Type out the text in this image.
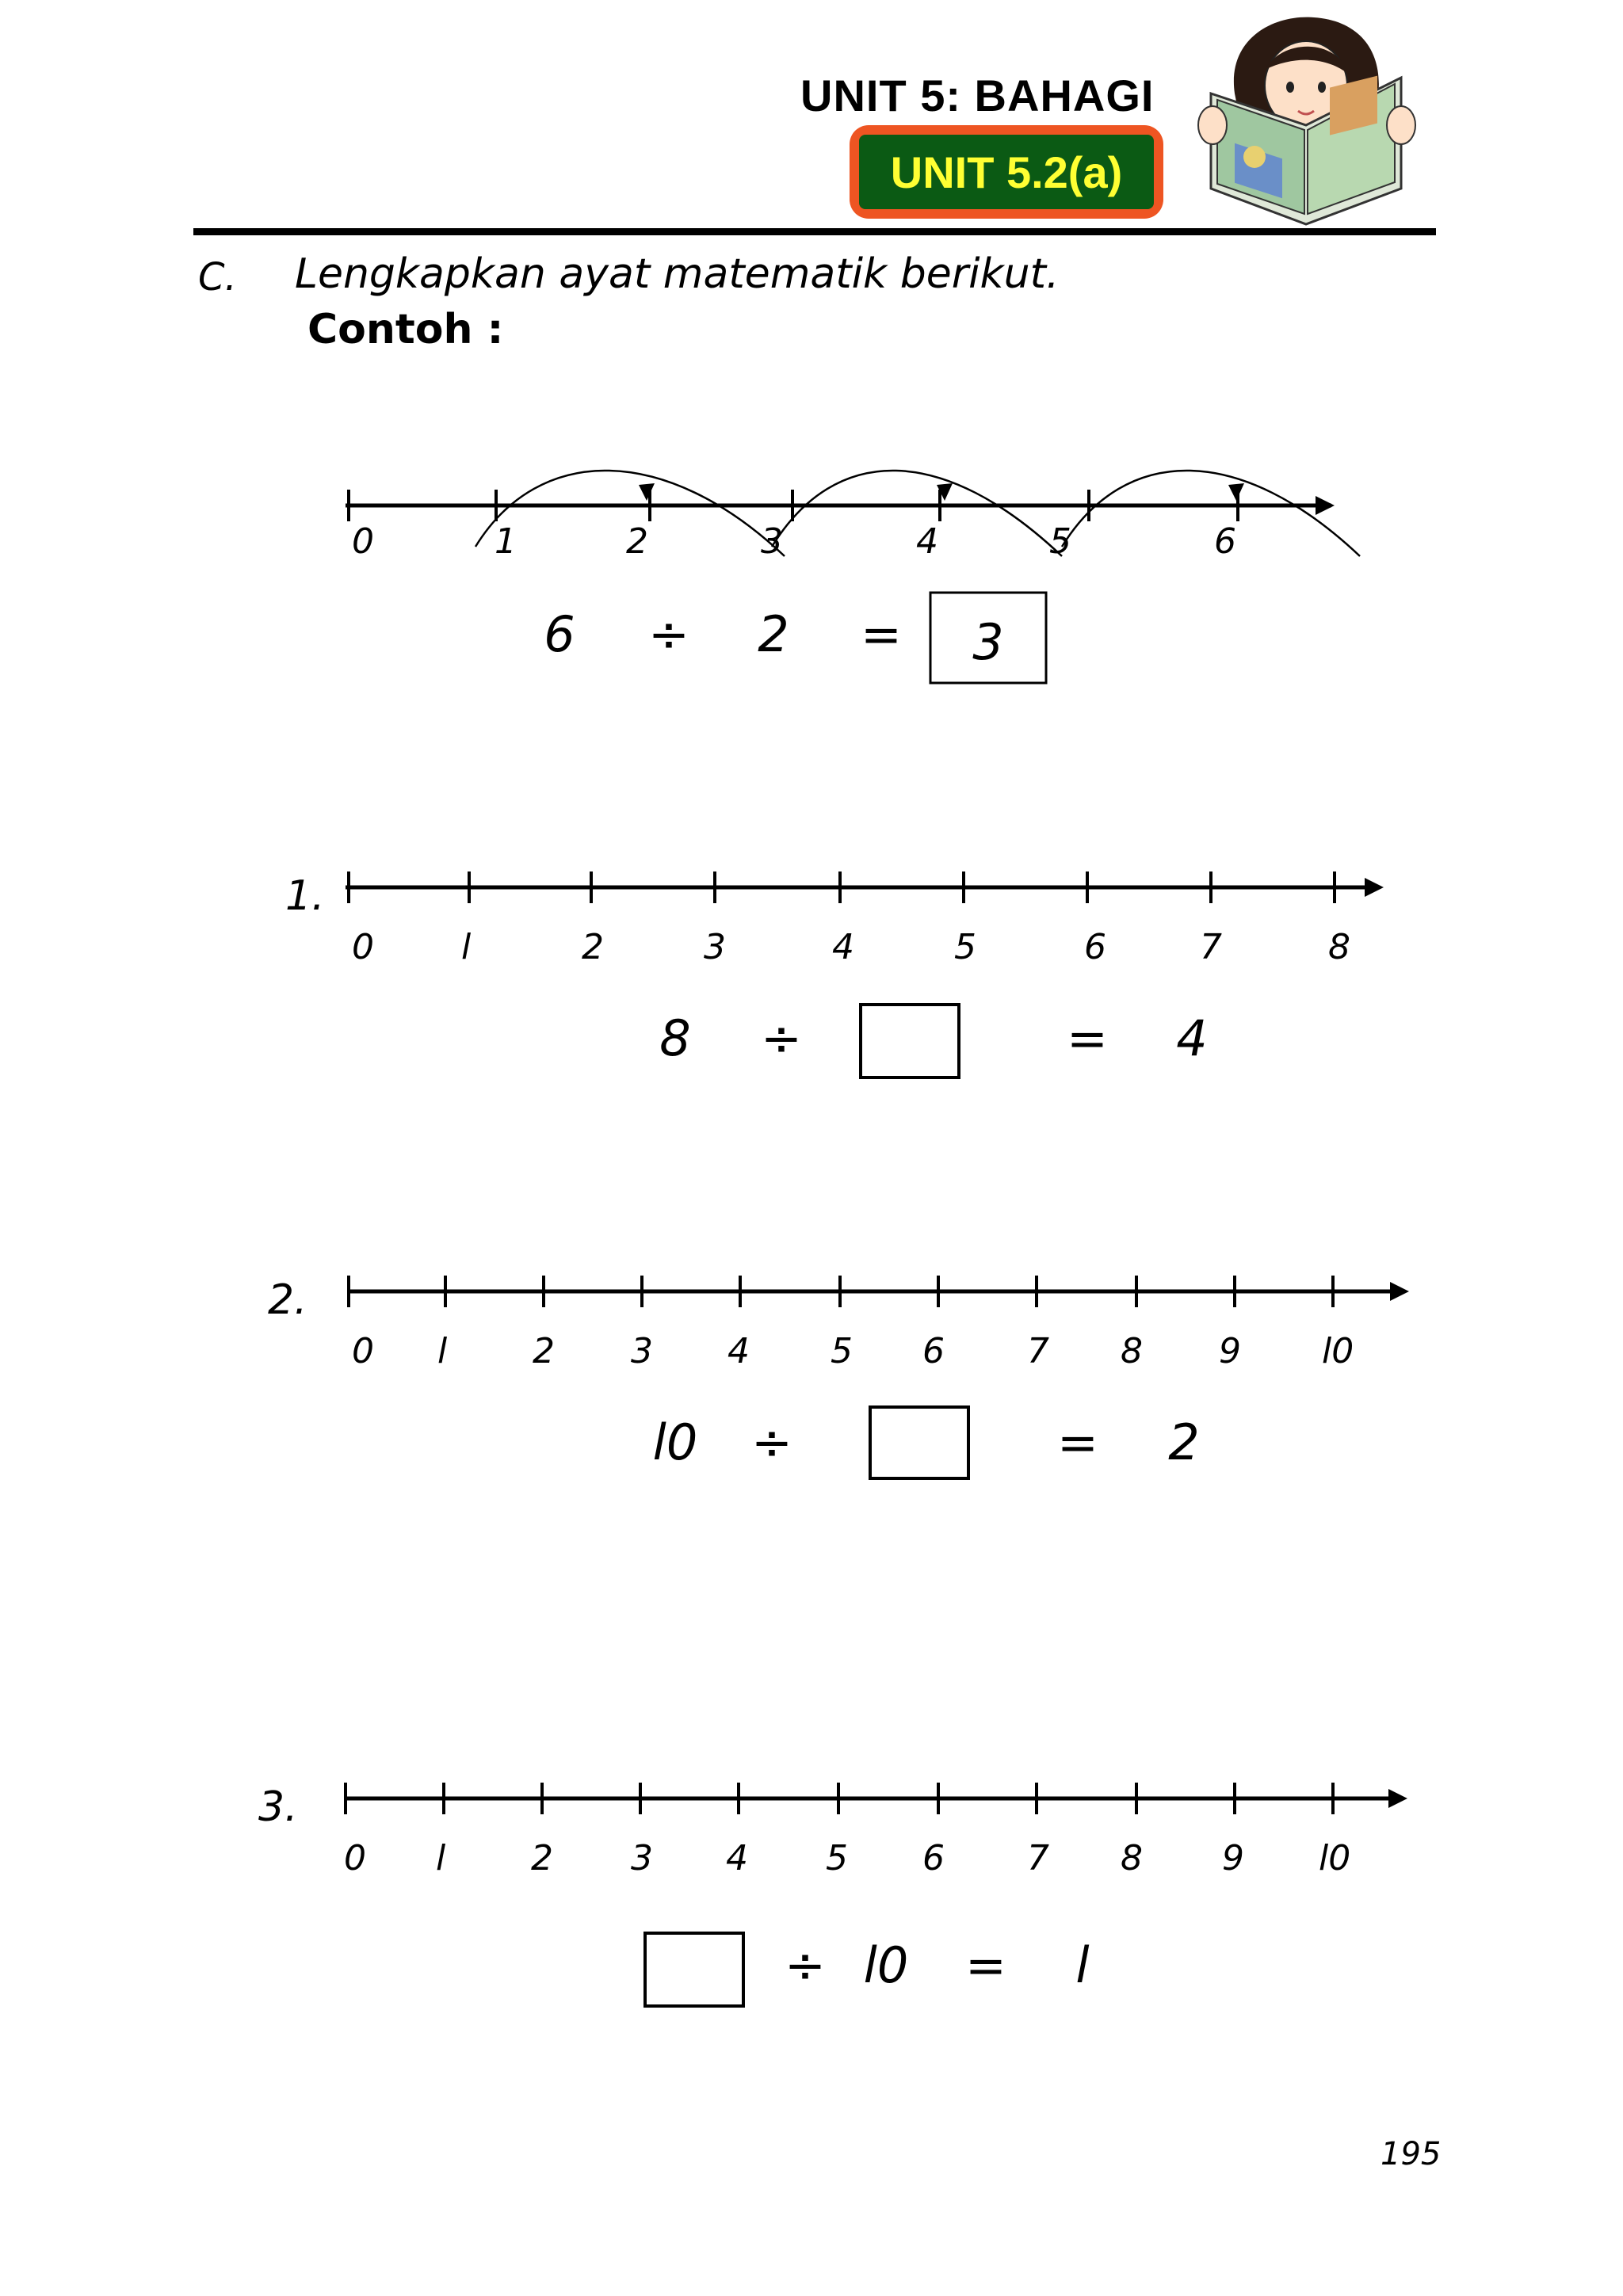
UNIT 5: BAHAGI
UNIT 5.2(a)
C. Lengkapkan ayat matematik berikut.
Contoh :
0	1	2	3	4	5	6
6 ÷ 2 = 3
1.
0	l	2	3	4	5	6	7	8
8 ÷	= 4
2.
0 l 2 3 4 5 6 7 8 9 l0
l0 ÷	= 2
3.
0 l 2 3 4 5 6 7 8 9 l0
÷ l0 = l
195
